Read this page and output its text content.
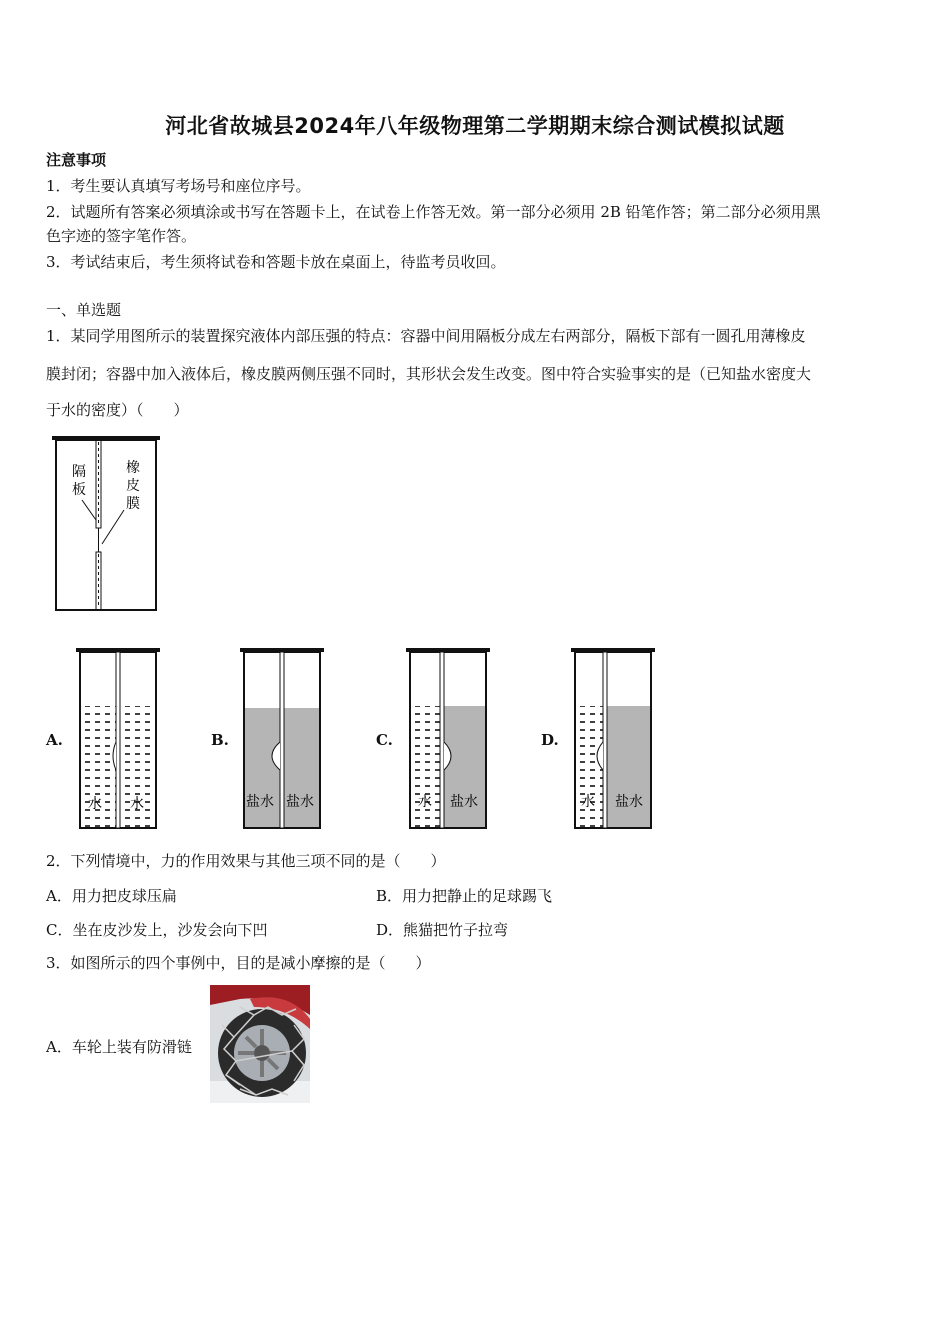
河北省故城县2024年八年级物理第二学期期末综合测试模拟试题
注意事项
1．考生要认真填写考场号和座位序号。
2．试题所有答案必须填涂或书写在答题卡上，在试卷上作答无效。第一部分必须用 2B 铅笔作答；第二部分必须用黑
色字迹的签字笔作答。
3．考试结束后，考生须将试卷和答题卡放在桌面上，待监考员收回。
一、单选题
1．某同学用图所示的装置探究液体内部压强的特点：容器中间用隔板分成左右两部分，隔板下部有一圆孔用薄橡皮
膜封闭；容器中加入液体后，橡皮膜两侧压强不同时，其形状会发生改变。图中符合实验事实的是（已知盐水密度大
于水的密度）（　　）
隔
板
橡
皮
膜
A.
水 水
B.
盐水 盐水
C.
水 盐水
D.
水 盐水
2．下列情境中，力的作用效果与其他三项不同的是（　　）
A．用力把皮球压扁	B．用力把静止的足球踢飞
C．坐在皮沙发上，沙发会向下凹	D．熊猫把竹子拉弯
3．如图所示的四个事例中，目的是减小摩擦的是（　　）
A．车轮上装有防滑链
